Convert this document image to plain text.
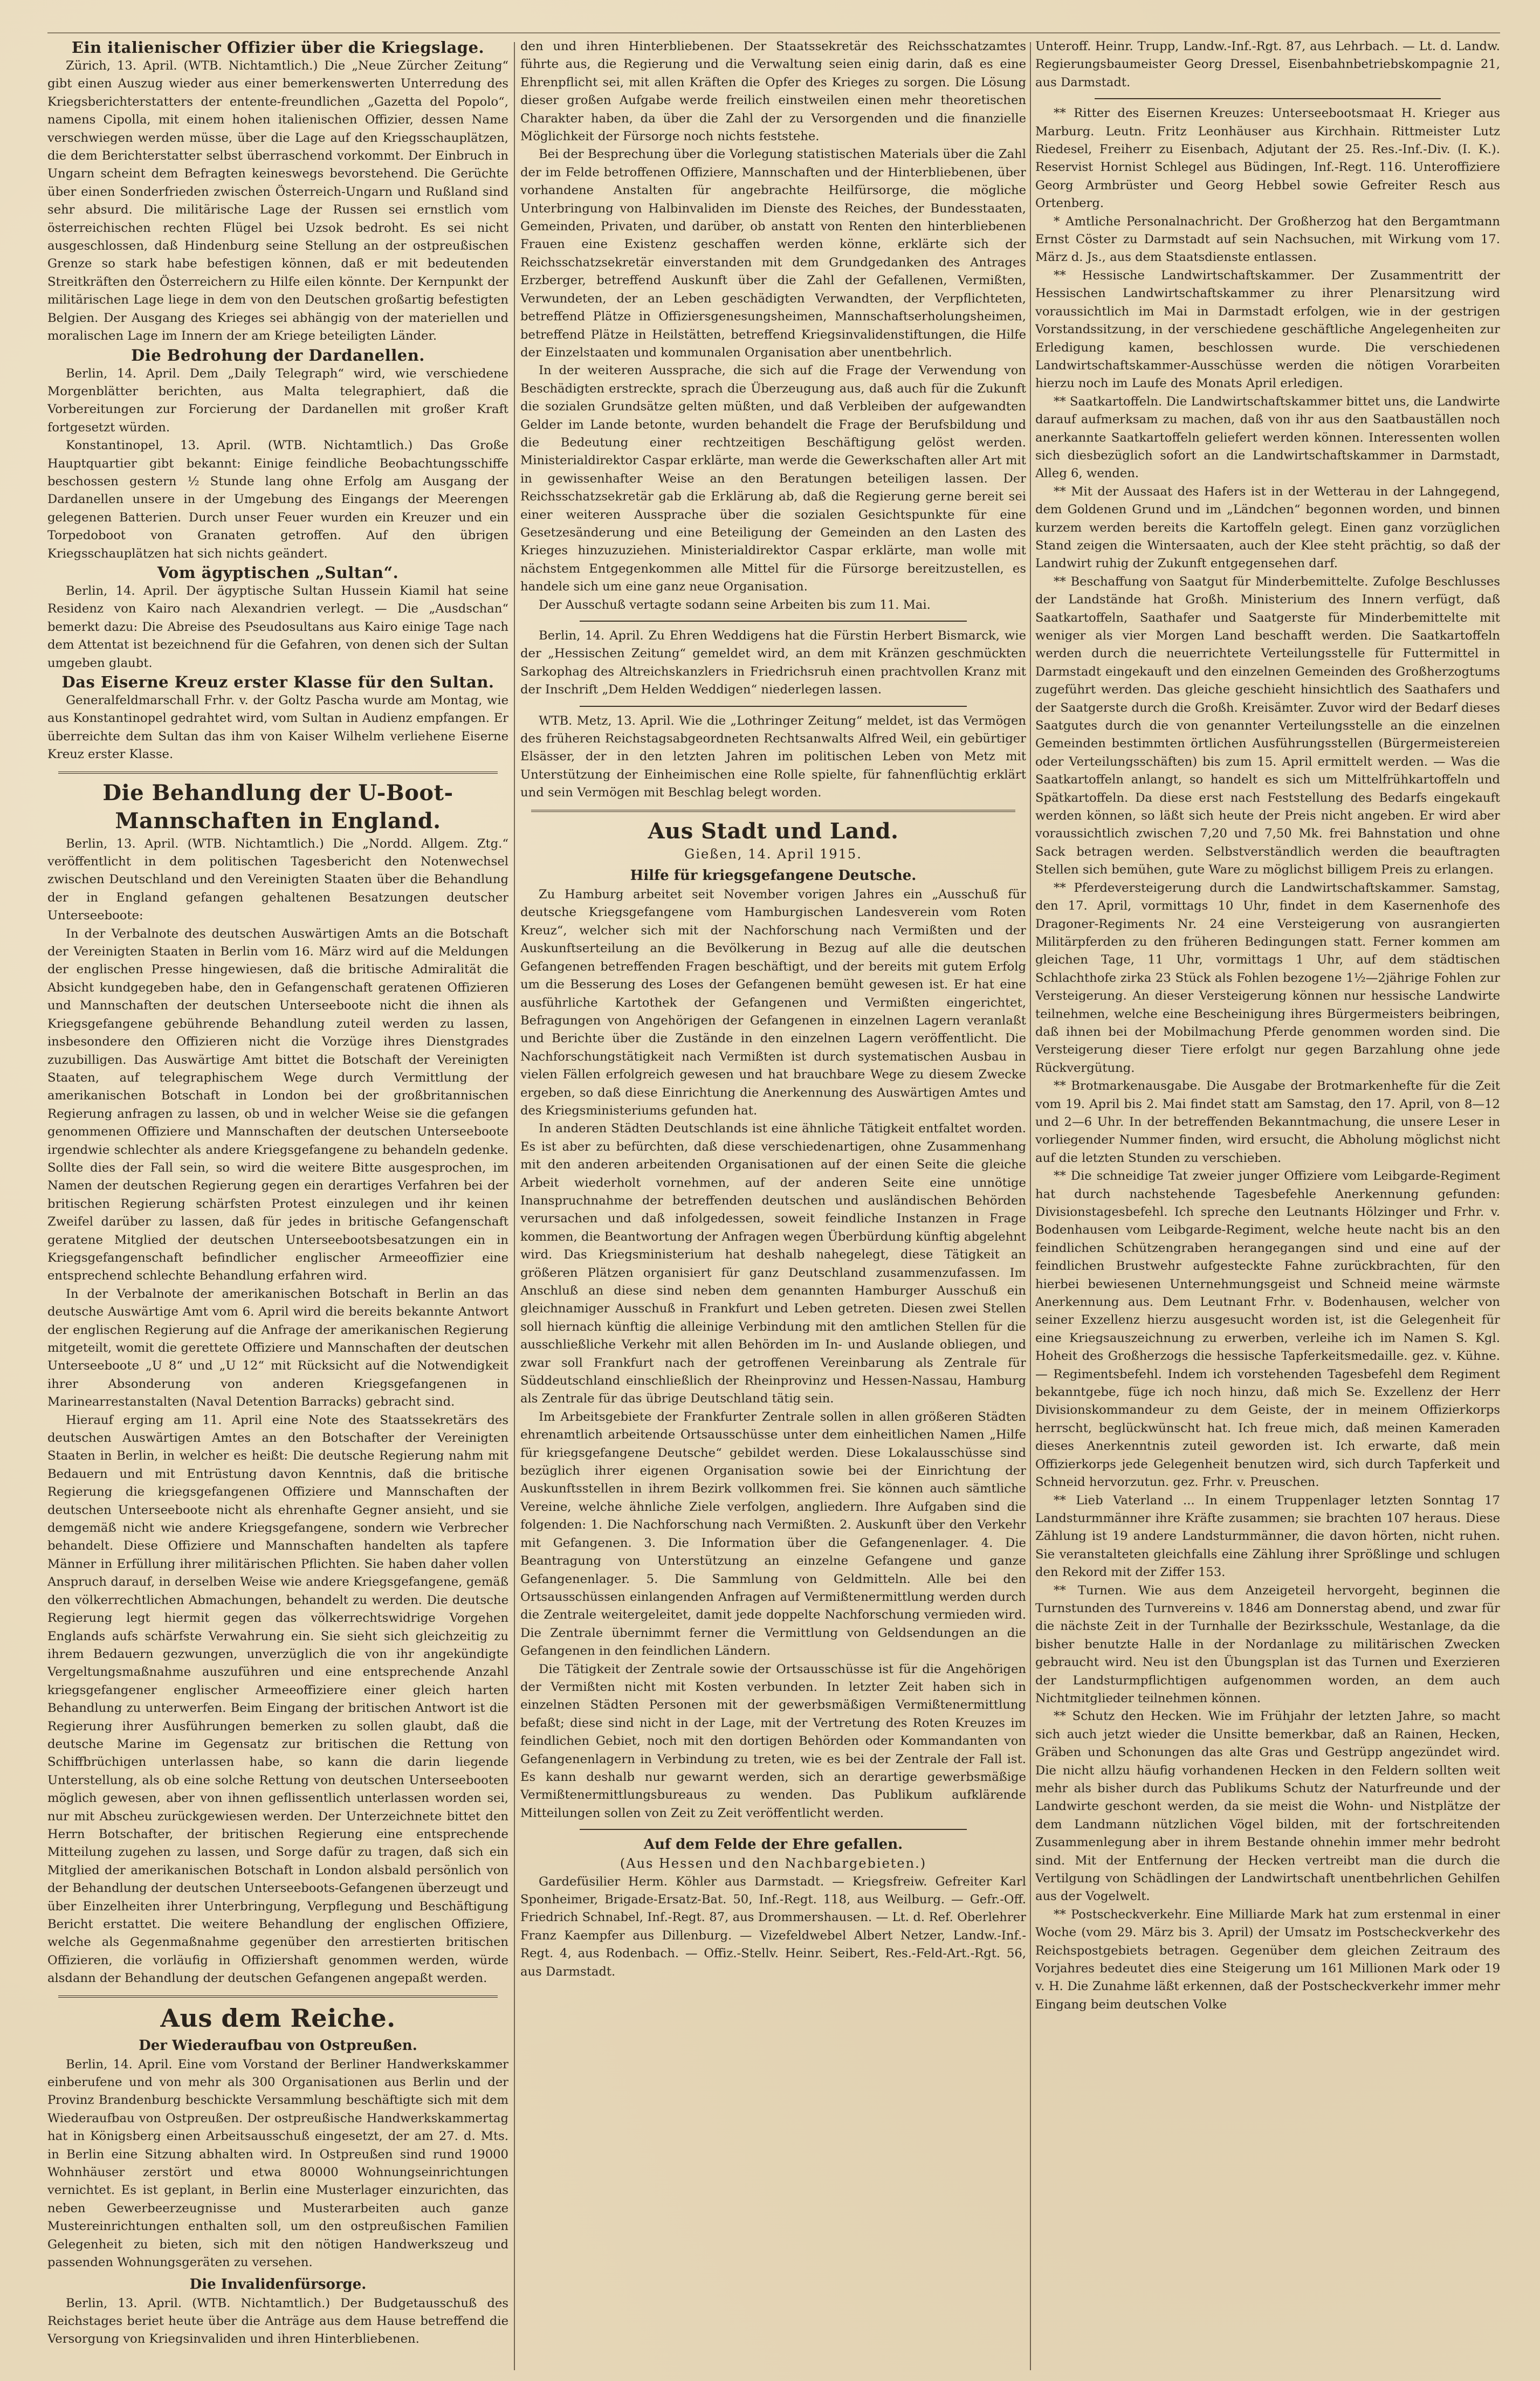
Ein italienischer Offizier über die Kriegslage.

Zürich, 13. April. (WTB. Nichtamtlich.) Die „Neue Zürcher Zeitung“ gibt einen Auszug wieder aus einer bemerkenswerten Unterredung des Kriegsberichterstatters der entente-freundlichen „Gazetta del Popolo“, namens Cipolla, mit einem hohen italienischen Offizier, dessen Name verschwiegen werden müsse, über die Lage auf den Kriegsschauplätzen, die dem Berichterstatter selbst überraschend vorkommt. Der Einbruch in Ungarn scheint dem Befragten keineswegs bevorstehend. Die Gerüchte über einen Sonderfrieden zwischen Österreich-Ungarn und Rußland sind sehr absurd. Die militärische Lage der Russen sei ernstlich vom österreichischen rechten Flügel bei Uzsok bedroht. Es sei nicht ausgeschlossen, daß Hindenburg seine Stellung an der ostpreußischen Grenze so stark habe befestigen können, daß er mit bedeutenden Streitkräften den Österreichern zu Hilfe eilen könnte. Der Kernpunkt der militärischen Lage liege in dem von den Deutschen großartig befestigten Belgien. Der Ausgang des Krieges sei abhängig von der materiellen und moralischen Lage im Innern der am Kriege beteiligten Länder.

Die Bedrohung der Dardanellen.

Berlin, 14. April. Dem „Daily Telegraph“ wird, wie verschiedene Morgenblätter berichten, aus Malta telegraphiert, daß die Vorbereitungen zur Forcierung der Dardanellen mit großer Kraft fortgesetzt würden.

Konstantinopel, 13. April. (WTB. Nichtamtlich.) Das Große Hauptquartier gibt bekannt: Einige feindliche Beobachtungsschiffe beschossen gestern ½ Stunde lang ohne Erfolg am Ausgang der Dardanellen unsere in der Umgebung des Eingangs der Meerengen gelegenen Batterien. Durch unser Feuer wurden ein Kreuzer und ein Torpedoboot von Granaten getroffen. Auf den übrigen Kriegsschauplätzen hat sich nichts geändert.

Vom ägyptischen „Sultan“.

Berlin, 14. April. Der ägyptische Sultan Hussein Kiamil hat seine Residenz von Kairo nach Alexandrien verlegt. — Die „Ausdschan“ bemerkt dazu: Die Abreise des Pseudosultans aus Kairo einige Tage nach dem Attentat ist bezeichnend für die Gefahren, von denen sich der Sultan umgeben glaubt.

Das Eiserne Kreuz erster Klasse für den Sultan.

Generalfeldmarschall Frhr. v. der Goltz Pascha wurde am Montag, wie aus Konstantinopel gedrahtet wird, vom Sultan in Audienz empfangen. Er überreichte dem Sultan das ihm von Kaiser Wilhelm verliehene Eiserne Kreuz erster Klasse.

Die Behandlung der U-Boot-Mannschaften in England.

Berlin, 13. April. (WTB. Nichtamtlich.) Die „Nordd. Allgem. Ztg.“ veröffentlicht in dem politischen Tagesbericht den Notenwechsel zwischen Deutschland und den Vereinigten Staaten über die Behandlung der in England gefangen gehaltenen Besatzungen deutscher Unterseeboote:

In der Verbalnote des deutschen Auswärtigen Amts an die Botschaft der Vereinigten Staaten in Berlin vom 16. März wird auf die Meldungen der englischen Presse hingewiesen, daß die britische Admiralität die Absicht kundgegeben habe, den in Gefangenschaft geratenen Offizieren und Mannschaften der deutschen Unterseeboote nicht die ihnen als Kriegsgefangene gebührende Behandlung zuteil werden zu lassen, insbesondere den Offizieren nicht die Vorzüge ihres Dienstgrades zuzubilligen. Das Auswärtige Amt bittet die Botschaft der Vereinigten Staaten, auf telegraphischem Wege durch Vermittlung der amerikanischen Botschaft in London bei der großbritannischen Regierung anfragen zu lassen, ob und in welcher Weise sie die gefangen genommenen Offiziere und Mannschaften der deutschen Unterseeboote irgendwie schlechter als andere Kriegsgefangene zu behandeln gedenke. Sollte dies der Fall sein, so wird die weitere Bitte ausgesprochen, im Namen der deutschen Regierung gegen ein derartiges Verfahren bei der britischen Regierung schärfsten Protest einzulegen und ihr keinen Zweifel darüber zu lassen, daß für jedes in britische Gefangenschaft geratene Mitglied der deutschen Unterseebootsbesatzungen ein in Kriegsgefangenschaft befindlicher englischer Armeeoffizier eine entsprechend schlechte Behandlung erfahren wird.

In der Verbalnote der amerikanischen Botschaft in Berlin an das deutsche Auswärtige Amt vom 6. April wird die bereits bekannte Antwort der englischen Regierung auf die Anfrage der amerikanischen Regierung mitgeteilt, womit die gerettete Offiziere und Mannschaften der deutschen Unterseeboote „U 8“ und „U 12“ mit Rücksicht auf die Notwendigkeit ihrer Absonderung von anderen Kriegsgefangenen in Marinearrestanstalten (Naval Detention Barracks) gebracht sind.

Hierauf erging am 11. April eine Note des Staatssekretärs des deutschen Auswärtigen Amtes an den Botschafter der Vereinigten Staaten in Berlin, in welcher es heißt: Die deutsche Regierung nahm mit Bedauern und mit Entrüstung davon Kenntnis, daß die britische Regierung die kriegsgefangenen Offiziere und Mannschaften der deutschen Unterseeboote nicht als ehrenhafte Gegner ansieht, und sie demgemäß nicht wie andere Kriegsgefangene, sondern wie Verbrecher behandelt. Diese Offiziere und Mannschaften handelten als tapfere Männer in Erfüllung ihrer militärischen Pflichten. Sie haben daher vollen Anspruch darauf, in derselben Weise wie andere Kriegsgefangene, gemäß den völkerrechtlichen Abmachungen, behandelt zu werden. Die deutsche Regierung legt hiermit gegen das völkerrechtswidrige Vorgehen Englands aufs schärfste Verwahrung ein. Sie sieht sich gleichzeitig zu ihrem Bedauern gezwungen, unverzüglich die von ihr angekündigte Vergeltungsmaßnahme auszuführen und eine entsprechende Anzahl kriegsgefangener englischer Armeeoffiziere einer gleich harten Behandlung zu unterwerfen. Beim Eingang der britischen Antwort ist die Regierung ihrer Ausführungen bemerken zu sollen glaubt, daß die deutsche Marine im Gegensatz zur britischen die Rettung von Schiffbrüchigen unterlassen habe, so kann die darin liegende Unterstellung, als ob eine solche Rettung von deutschen Unterseebooten möglich gewesen, aber von ihnen geflissentlich unterlassen worden sei, nur mit Abscheu zurückgewiesen werden. Der Unterzeichnete bittet den Herrn Botschafter, der britischen Regierung eine entsprechende Mitteilung zugehen zu lassen, und Sorge dafür zu tragen, daß sich ein Mitglied der amerikanischen Botschaft in London alsbald persönlich von der Behandlung der deutschen Unterseeboots-Gefangenen überzeugt und über Einzelheiten ihrer Unterbringung, Verpflegung und Beschäftigung Bericht erstattet. Die weitere Behandlung der englischen Offiziere, welche als Gegenmaßnahme gegenüber den arrestierten britischen Offizieren, die vorläufig in Offiziershaft genommen werden, würde alsdann der Behandlung der deutschen Gefangenen angepaßt werden.

Aus dem Reiche.
Der Wiederaufbau von Ostpreußen.

Berlin, 14. April. Eine vom Vorstand der Berliner Handwerkskammer einberufene und von mehr als 300 Organisationen aus Berlin und der Provinz Brandenburg beschickte Versammlung beschäftigte sich mit dem Wiederaufbau von Ostpreußen. Der ostpreußische Handwerkskammertag hat in Königsberg einen Arbeitsausschuß eingesetzt, der am 27. d. Mts. in Berlin eine Sitzung abhalten wird. In Ostpreußen sind rund 19000 Wohnhäuser zerstört und etwa 80000 Wohnungseinrichtungen vernichtet. Es ist geplant, in Berlin eine Musterlager einzurichten, das neben Gewerbeerzeugnisse und Musterarbeiten auch ganze Mustereinrichtungen enthalten soll, um den ostpreußischen Familien Gelegenheit zu bieten, sich mit den nötigen Handwerkszeug und passenden Wohnungsgeräten zu versehen.

Die Invalidenfürsorge.

Berlin, 13. April. (WTB. Nichtamtlich.) Der Budgetausschuß des Reichstages beriet heute über die Anträge aus dem Hause betreffend die Versorgung von Kriegsinvaliden und ihren Hinterbliebenen.

den und ihren Hinterbliebenen. Der Staatssekretär des Reichsschatzamtes führte aus, die Regierung und die Verwaltung seien einig darin, daß es eine Ehrenpflicht sei, mit allen Kräften die Opfer des Krieges zu sorgen. Die Lösung dieser großen Aufgabe werde freilich einstweilen einen mehr theoretischen Charakter haben, da über die Zahl der zu Versorgenden und die finanzielle Möglichkeit der Fürsorge noch nichts feststehe.

Bei der Besprechung über die Vorlegung statistischen Materials über die Zahl der im Felde betroffenen Offiziere, Mannschaften und der Hinterbliebenen, über vorhandene Anstalten für angebrachte Heilfürsorge, die mögliche Unterbringung von Halbinvaliden im Dienste des Reiches, der Bundesstaaten, Gemeinden, Privaten, und darüber, ob anstatt von Renten den hinterbliebenen Frauen eine Existenz geschaffen werden könne, erklärte sich der Reichsschatzsekretär einverstanden mit dem Grundgedanken des Antrages Erzberger, betreffend Auskunft über die Zahl der Gefallenen, Vermißten, Verwundeten, der an Leben geschädigten Verwandten, der Verpflichteten, betreffend Plätze in Offiziersgenesungsheimen, Mannschaftserholungsheimen, betreffend Plätze in Heilstätten, betreffend Kriegsinvalidenstiftungen, die Hilfe der Einzelstaaten und kommunalen Organisation aber unentbehrlich.

In der weiteren Aussprache, die sich auf die Frage der Verwendung von Beschädigten erstreckte, sprach die Überzeugung aus, daß auch für die Zukunft die sozialen Grundsätze gelten müßten, und daß Verbleiben der aufgewandten Gelder im Lande betonte, wurden behandelt die Frage der Berufsbildung und die Bedeutung einer rechtzeitigen Beschäftigung gelöst werden. Ministerialdirektor Caspar erklärte, man werde die Gewerkschaften aller Art mit in gewissenhafter Weise an den Beratungen beteiligen lassen. Der Reichsschatzsekretär gab die Erklärung ab, daß die Regierung gerne bereit sei einer weiteren Aussprache über die sozialen Gesichtspunkte für eine Gesetzesänderung und eine Beteiligung der Gemeinden an den Lasten des Krieges hinzuzuziehen. Ministerialdirektor Caspar erklärte, man wolle mit nächstem Entgegenkommen alle Mittel für die Fürsorge bereitzustellen, es handele sich um eine ganz neue Organisation.

Der Ausschuß vertagte sodann seine Arbeiten bis zum 11. Mai.

Berlin, 14. April. Zu Ehren Weddigens hat die Fürstin Herbert Bismarck, wie der „Hessischen Zeitung“ gemeldet wird, an dem mit Kränzen geschmückten Sarkophag des Altreichskanzlers in Friedrichsruh einen prachtvollen Kranz mit der Inschrift „Dem Helden Weddigen“ niederlegen lassen.

WTB. Metz, 13. April. Wie die „Lothringer Zeitung“ meldet, ist das Vermögen des früheren Reichstagsabgeordneten Rechtsanwalts Alfred Weil, ein gebürtiger Elsässer, der in den letzten Jahren im politischen Leben von Metz mit Unterstützung der Einheimischen eine Rolle spielte, für fahnenflüchtig erklärt und sein Vermögen mit Beschlag belegt worden.

Aus Stadt und Land.

Gießen, 14. April 1915.

Hilfe für kriegsgefangene Deutsche.

Zu Hamburg arbeitet seit November vorigen Jahres ein „Ausschuß für deutsche Kriegsgefangene vom Hamburgischen Landesverein vom Roten Kreuz“, welcher sich mit der Nachforschung nach Vermißten und der Auskunftserteilung an die Bevölkerung in Bezug auf alle die deutschen Gefangenen betreffenden Fragen beschäftigt, und der bereits mit gutem Erfolg um die Besserung des Loses der Gefangenen bemüht gewesen ist. Er hat eine ausführliche Kartothek der Gefangenen und Vermißten eingerichtet, Befragungen von Angehörigen der Gefangenen in einzelnen Lagern veranlaßt und Berichte über die Zustände in den einzelnen Lagern veröffentlicht. Die Nachforschungstätigkeit nach Vermißten ist durch systematischen Ausbau in vielen Fällen erfolgreich gewesen und hat brauchbare Wege zu diesem Zwecke ergeben, so daß diese Einrichtung die Anerkennung des Auswärtigen Amtes und des Kriegsministeriums gefunden hat.

In anderen Städten Deutschlands ist eine ähnliche Tätigkeit entfaltet worden. Es ist aber zu befürchten, daß diese verschiedenartigen, ohne Zusammenhang mit den anderen arbeitenden Organisationen auf der einen Seite die gleiche Arbeit wiederholt vornehmen, auf der anderen Seite eine unnötige Inanspruchnahme der betreffenden deutschen und ausländischen Behörden verursachen und daß infolgedessen, soweit feindliche Instanzen in Frage kommen, die Beantwortung der Anfragen wegen Überbürdung künftig abgelehnt wird. Das Kriegsministerium hat deshalb nahegelegt, diese Tätigkeit an größeren Plätzen organisiert für ganz Deutschland zusammenzufassen. Im Anschluß an diese sind neben dem genannten Hamburger Ausschuß ein gleichnamiger Ausschuß in Frankfurt und Leben getreten. Diesen zwei Stellen soll hiernach künftig die alleinige Verbindung mit den amtlichen Stellen für die ausschließliche Verkehr mit allen Behörden im In- und Auslande obliegen, und zwar soll Frankfurt nach der getroffenen Vereinbarung als Zentrale für Süddeutschland einschließlich der Rheinprovinz und Hessen-Nassau, Hamburg als Zentrale für das übrige Deutschland tätig sein.

Im Arbeitsgebiete der Frankfurter Zentrale sollen in allen größeren Städten ehrenamtlich arbeitende Ortsausschüsse unter dem einheitlichen Namen „Hilfe für kriegsgefangene Deutsche“ gebildet werden. Diese Lokalausschüsse sind bezüglich ihrer eigenen Organisation sowie bei der Einrichtung der Auskunftsstellen in ihrem Bezirk vollkommen frei. Sie können auch sämtliche Vereine, welche ähnliche Ziele verfolgen, angliedern. Ihre Aufgaben sind die folgenden: 1. Die Nachforschung nach Vermißten. 2. Auskunft über den Verkehr mit Gefangenen. 3. Die Information über die Gefangenenlager. 4. Die Beantragung von Unterstützung an einzelne Gefangene und ganze Gefangenenlager. 5. Die Sammlung von Geldmitteln. Alle bei den Ortsausschüssen einlangenden Anfragen auf Vermißtenermittlung werden durch die Zentrale weitergeleitet, damit jede doppelte Nachforschung vermieden wird. Die Zentrale übernimmt ferner die Vermittlung von Geldsendungen an die Gefangenen in den feindlichen Ländern.

Die Tätigkeit der Zentrale sowie der Ortsausschüsse ist für die Angehörigen der Vermißten nicht mit Kosten verbunden. In letzter Zeit haben sich in einzelnen Städten Personen mit der gewerbsmäßigen Vermißtenermittlung befaßt; diese sind nicht in der Lage, mit der Vertretung des Roten Kreuzes im feindlichen Gebiet, noch mit den dortigen Behörden oder Kommandanten von Gefangenenlagern in Verbindung zu treten, wie es bei der Zentrale der Fall ist. Es kann deshalb nur gewarnt werden, sich an derartige gewerbsmäßige Vermißtenermittlungsbureaus zu wenden. Das Publikum aufklärende Mitteilungen sollen von Zeit zu Zeit veröffentlicht werden.

Auf dem Felde der Ehre gefallen.

(Aus Hessen und den Nachbargebieten.)

Gardefüsilier Herm. Köhler aus Darmstadt. — Kriegsfreiw. Gefreiter Karl Sponheimer, Brigade-Ersatz-Bat. 50, Inf.-Regt. 118, aus Weilburg. — Gefr.-Off. Friedrich Schnabel, Inf.-Regt. 87, aus Drommershausen. — Lt. d. Ref. Oberlehrer Franz Kaempfer aus Dillenburg. — Vizefeldwebel Albert Netzer, Landw.-Inf.-Regt. 4, aus Rodenbach. — Offiz.-Stellv. Heinr. Seibert, Res.-Feld-Art.-Rgt. 56, aus Darmstadt.

Unteroff. Heinr. Trupp, Landw.-Inf.-Rgt. 87, aus Lehrbach. — Lt. d. Landw. Regierungsbaumeister Georg Dressel, Eisenbahnbetriebskompagnie 21, aus Darmstadt.

** Ritter des Eisernen Kreuzes: Unterseebootsmaat H. Krieger aus Marburg. Leutn. Fritz Leonhäuser aus Kirchhain. Rittmeister Lutz Riedesel, Freiherr zu Eisenbach, Adjutant der 25. Res.-Inf.-Div. (I. K.). Reservist Hornist Schlegel aus Büdingen, Inf.-Regt. 116. Unteroffiziere Georg Armbrüster und Georg Hebbel sowie Gefreiter Resch aus Ortenberg.

* Amtliche Personalnachricht. Der Großherzog hat den Bergamtmann Ernst Cöster zu Darmstadt auf sein Nachsuchen, mit Wirkung vom 17. März d. Js., aus dem Staatsdienste entlassen.

** Hessische Landwirtschaftskammer. Der Zusammentritt der Hessischen Landwirtschaftskammer zu ihrer Plenarsitzung wird voraussichtlich im Mai in Darmstadt erfolgen, wie in der gestrigen Vorstandssitzung, in der verschiedene geschäftliche Angelegenheiten zur Erledigung kamen, beschlossen wurde. Die verschiedenen Landwirtschaftskammer-Ausschüsse werden die nötigen Vorarbeiten hierzu noch im Laufe des Monats April erledigen.

** Saatkartoffeln. Die Landwirtschaftskammer bittet uns, die Landwirte darauf aufmerksam zu machen, daß von ihr aus den Saatbauställen noch anerkannte Saatkartoffeln geliefert werden können. Interessenten wollen sich diesbezüglich sofort an die Landwirtschaftskammer in Darmstadt, Alleg 6, wenden.

** Mit der Aussaat des Hafers ist in der Wetterau in der Lahngegend, dem Goldenen Grund und im „Ländchen“ begonnen worden, und binnen kurzem werden bereits die Kartoffeln gelegt. Einen ganz vorzüglichen Stand zeigen die Wintersaaten, auch der Klee steht prächtig, so daß der Landwirt ruhig der Zukunft entgegensehen darf.

** Beschaffung von Saatgut für Minderbemittelte. Zufolge Beschlusses der Landstände hat Großh. Ministerium des Innern verfügt, daß Saatkartoffeln, Saathafer und Saatgerste für Minderbemittelte mit weniger als vier Morgen Land beschafft werden. Die Saatkartoffeln werden durch die neuerrichtete Verteilungsstelle für Futtermittel in Darmstadt eingekauft und den einzelnen Gemeinden des Großherzogtums zugeführt werden. Das gleiche geschieht hinsichtlich des Saathafers und der Saatgerste durch die Großh. Kreisämter. Zuvor wird der Bedarf dieses Saatgutes durch die von genannter Verteilungsstelle an die einzelnen Gemeinden bestimmten örtlichen Ausführungsstellen (Bürgermeistereien oder Verteilungsschäften) bis zum 15. April ermittelt werden. — Was die Saatkartoffeln anlangt, so handelt es sich um Mittelfrühkartoffeln und Spätkartoffeln. Da diese erst nach Feststellung des Bedarfs eingekauft werden können, so läßt sich heute der Preis nicht angeben. Er wird aber voraussichtlich zwischen 7,20 und 7,50 Mk. frei Bahnstation und ohne Sack betragen werden. Selbstverständlich werden die beauftragten Stellen sich bemühen, gute Ware zu möglichst billigem Preis zu erlangen.

** Pferdeversteigerung durch die Landwirtschaftskammer. Samstag, den 17. April, vormittags 10 Uhr, findet in dem Kasernenhofe des Dragoner-Regiments Nr. 24 eine Versteigerung von ausrangierten Militärpferden zu den früheren Bedingungen statt. Ferner kommen am gleichen Tage, 11 Uhr, vormittags 1 Uhr, auf dem städtischen Schlachthofe zirka 23 Stück als Fohlen bezogene 1½—2jährige Fohlen zur Versteigerung. An dieser Versteigerung können nur hessische Landwirte teilnehmen, welche eine Bescheinigung ihres Bürgermeisters beibringen, daß ihnen bei der Mobilmachung Pferde genommen worden sind. Die Versteigerung dieser Tiere erfolgt nur gegen Barzahlung ohne jede Rückvergütung.

** Brotmarkenausgabe. Die Ausgabe der Brotmarkenhefte für die Zeit vom 19. April bis 2. Mai findet statt am Samstag, den 17. April, von 8—12 und 2—6 Uhr. In der betreffenden Bekanntmachung, die unsere Leser in vorliegender Nummer finden, wird ersucht, die Abholung möglichst nicht auf die letzten Stunden zu verschieben.

** Die schneidige Tat zweier junger Offiziere vom Leibgarde-Regiment hat durch nachstehende Tagesbefehle Anerkennung gefunden: Divisionstagesbefehl. Ich spreche den Leutnants Hölzinger und Frhr. v. Bodenhausen vom Leibgarde-Regiment, welche heute nacht bis an den feindlichen Schützengraben herangegangen sind und eine auf der feindlichen Brustwehr aufgesteckte Fahne zurückbrachten, für den hierbei bewiesenen Unternehmungsgeist und Schneid meine wärmste Anerkennung aus. Dem Leutnant Frhr. v. Bodenhausen, welcher von seiner Exzellenz hierzu ausgesucht worden ist, ist die Gelegenheit für eine Kriegsauszeichnung zu erwerben, verleihe ich im Namen S. Kgl. Hoheit des Großherzogs die hessische Tapferkeitsmedaille. gez. v. Kühne. — Regimentsbefehl. Indem ich vorstehenden Tagesbefehl dem Regiment bekanntgebe, füge ich noch hinzu, daß mich Se. Exzellenz der Herr Divisionskommandeur zu dem Geiste, der in meinem Offizierkorps herrscht, beglückwünscht hat. Ich freue mich, daß meinen Kameraden dieses Anerkenntnis zuteil geworden ist. Ich erwarte, daß mein Offizierkorps jede Gelegenheit benutzen wird, sich durch Tapferkeit und Schneid hervorzutun. gez. Frhr. v. Preuschen.

** Lieb Vaterland ... In einem Truppenlager letzten Sonntag 17 Landsturmmänner ihre Kräfte zusammen; sie brachten 107 heraus. Diese Zählung ist 19 andere Landsturmmänner, die davon hörten, nicht ruhen. Sie veranstalteten gleichfalls eine Zählung ihrer Sprößlinge und schlugen den Rekord mit der Ziffer 153.

** Turnen. Wie aus dem Anzeigeteil hervorgeht, beginnen die Turnstunden des Turnvereins v. 1846 am Donnerstag abend, und zwar für die nächste Zeit in der Turnhalle der Bezirksschule, Westanlage, da die bisher benutzte Halle in der Nordanlage zu militärischen Zwecken gebraucht wird. Neu ist den Übungsplan ist das Turnen und Exerzieren der Landsturmpflichtigen aufgenommen worden, an dem auch Nichtmitglieder teilnehmen können.

** Schutz den Hecken. Wie im Frühjahr der letzten Jahre, so macht sich auch jetzt wieder die Unsitte bemerkbar, daß an Rainen, Hecken, Gräben und Schonungen das alte Gras und Gestrüpp angezündet wird. Die nicht allzu häufig vorhandenen Hecken in den Feldern sollten weit mehr als bisher durch das Publikums Schutz der Naturfreunde und der Landwirte geschont werden, da sie meist die Wohn- und Nistplätze der dem Landmann nützlichen Vögel bilden, mit der fortschreitenden Zusammenlegung aber in ihrem Bestande ohnehin immer mehr bedroht sind. Mit der Entfernung der Hecken vertreibt man die durch die Vertilgung von Schädlingen der Landwirtschaft unentbehrlichen Gehilfen aus der Vogelwelt.

** Postscheckverkehr. Eine Milliarde Mark hat zum erstenmal in einer Woche (vom 29. März bis 3. April) der Umsatz im Postscheckverkehr des Reichspostgebiets betragen. Gegenüber dem gleichen Zeitraum des Vorjahres bedeutet dies eine Steigerung um 161 Millionen Mark oder 19 v. H. Die Zunahme läßt erkennen, daß der Postscheckverkehr immer mehr Eingang beim deutschen Volke
